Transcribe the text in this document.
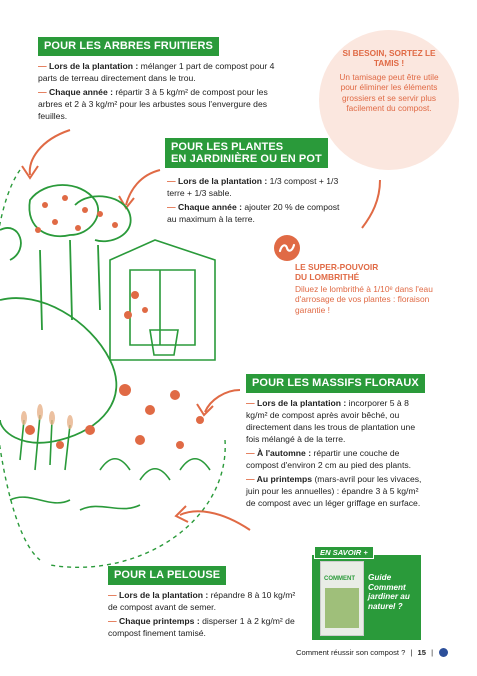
POUR LES ARBRES FRUITIERS

— Lors de la plantation : mélanger 1 part de compost pour 4 parts de terreau directement dans le trou.

— Chaque année : répartir 3 à 5 kg/m² de compost pour les arbres et 2 à 3 kg/m² pour les arbustes sous l'envergure des feuilles.

SI BESOIN, SORTEZ LE TAMIS !
Un tamisage peut être utile pour éliminer les éléments grossiers et se servir plus facilement du compost.
POUR LES PLANTES
EN JARDINIÈRE OU EN POT

— Lors de la plantation : 1/3 compost + 1/3 terre + 1/3 sable.

— Chaque année : ajouter 20 % de compost au maximum à la terre.

LE SUPER-POUVOIR
DU LOMBRITHÉ
Diluez le lombrithé à 1/10ᵉ dans l'eau d'arrosage de vos plantes : floraison garantie !
POUR LES MASSIFS FLORAUX

— Lors de la plantation : incorporer 5 à 8 kg/m² de compost après avoir bêché, ou directement dans les trous de plantation une fois mélangé à de la terre.

— À l'automne : répartir une couche de compost d'environ 2 cm au pied des plants.

— Au printemps (mars-avril pour les vivaces, juin pour les annuelles) : épandre 3 à 5 kg/m² de compost avec un léger griffage en surface.

POUR LA PELOUSE

— Lors de la plantation : répandre 8 à 10 kg/m² de compost avant de semer.

— Chaque printemps : disperser 1 à 2 kg/m² de compost finement tamisé.

COMMENT Guide Comment jardiner au naturel ?
EN SAVOIR +
Comment réussir son compost ? | 15 |
